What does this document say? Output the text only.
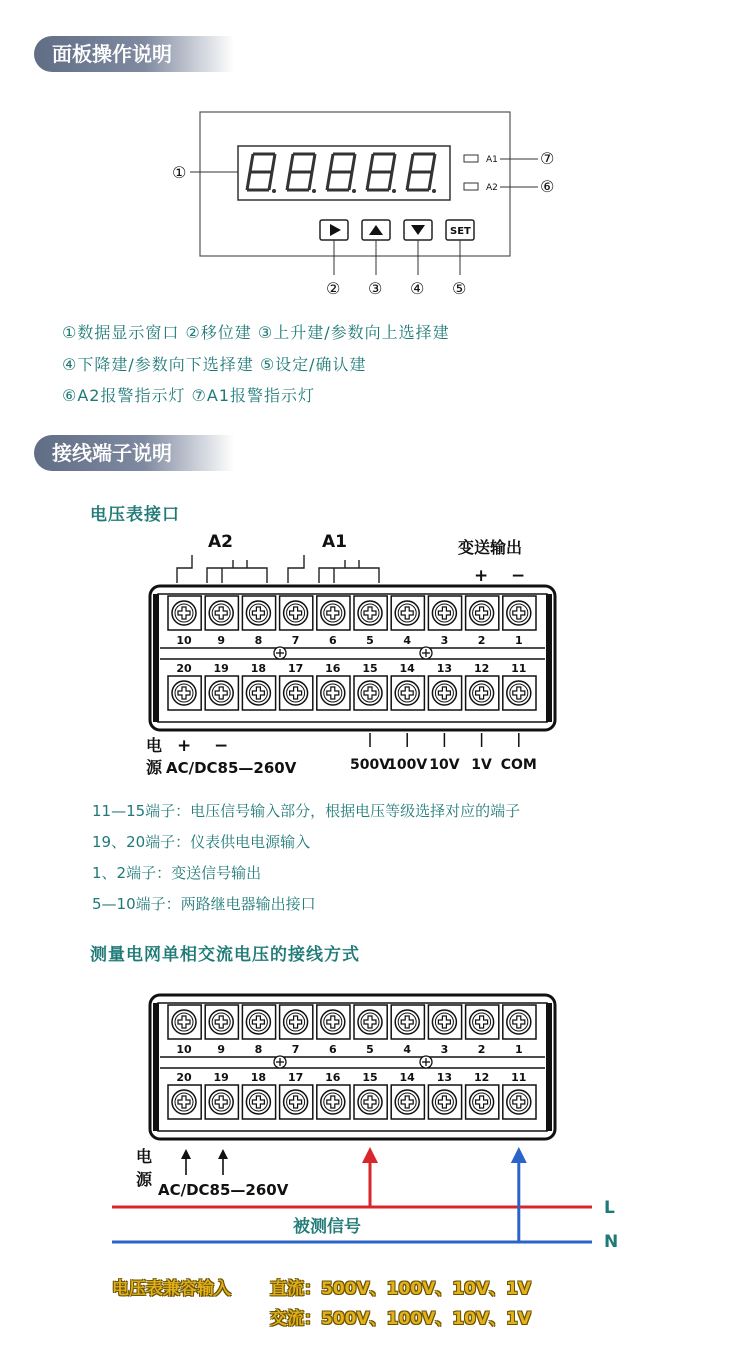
面板操作说明
①
A1
A2
⑦
⑥
SET
② ③ ④ ⑤
①数据显示窗口 ②移位建 ③上升建/参数向上选择建
④下降建/参数向下选择建 ⑤设定/确认建
⑥A2报警指示灯 ⑦A1报警指示灯
接线端子说明
电压表接口
A2	A1	变送输出
+ −
10
20
9
19
8
18
7
17
6
16
5
15
4
14
3
13
2
12
1
11
电
源
+ −
AC/DC85—260V	500V
100V 10V 1V COM
11—15端子：电压信号输入部分，根据电压等级选择对应的端子
19、20端子：仪表供电电源输入
1、2端子：变送信号输出
5—10端子：两路继电器输出接口
测量电网单相交流电压的接线方式
10
20
9
19
8
18
7
17
6
16
5
15
4
14
3
13
2
12
1
11
电
源
AC/DC85—260V
被测信号
L
N
电压表兼容输入 直流：500V、100V、10V、1V
交流：500V、100V、10V、1V
